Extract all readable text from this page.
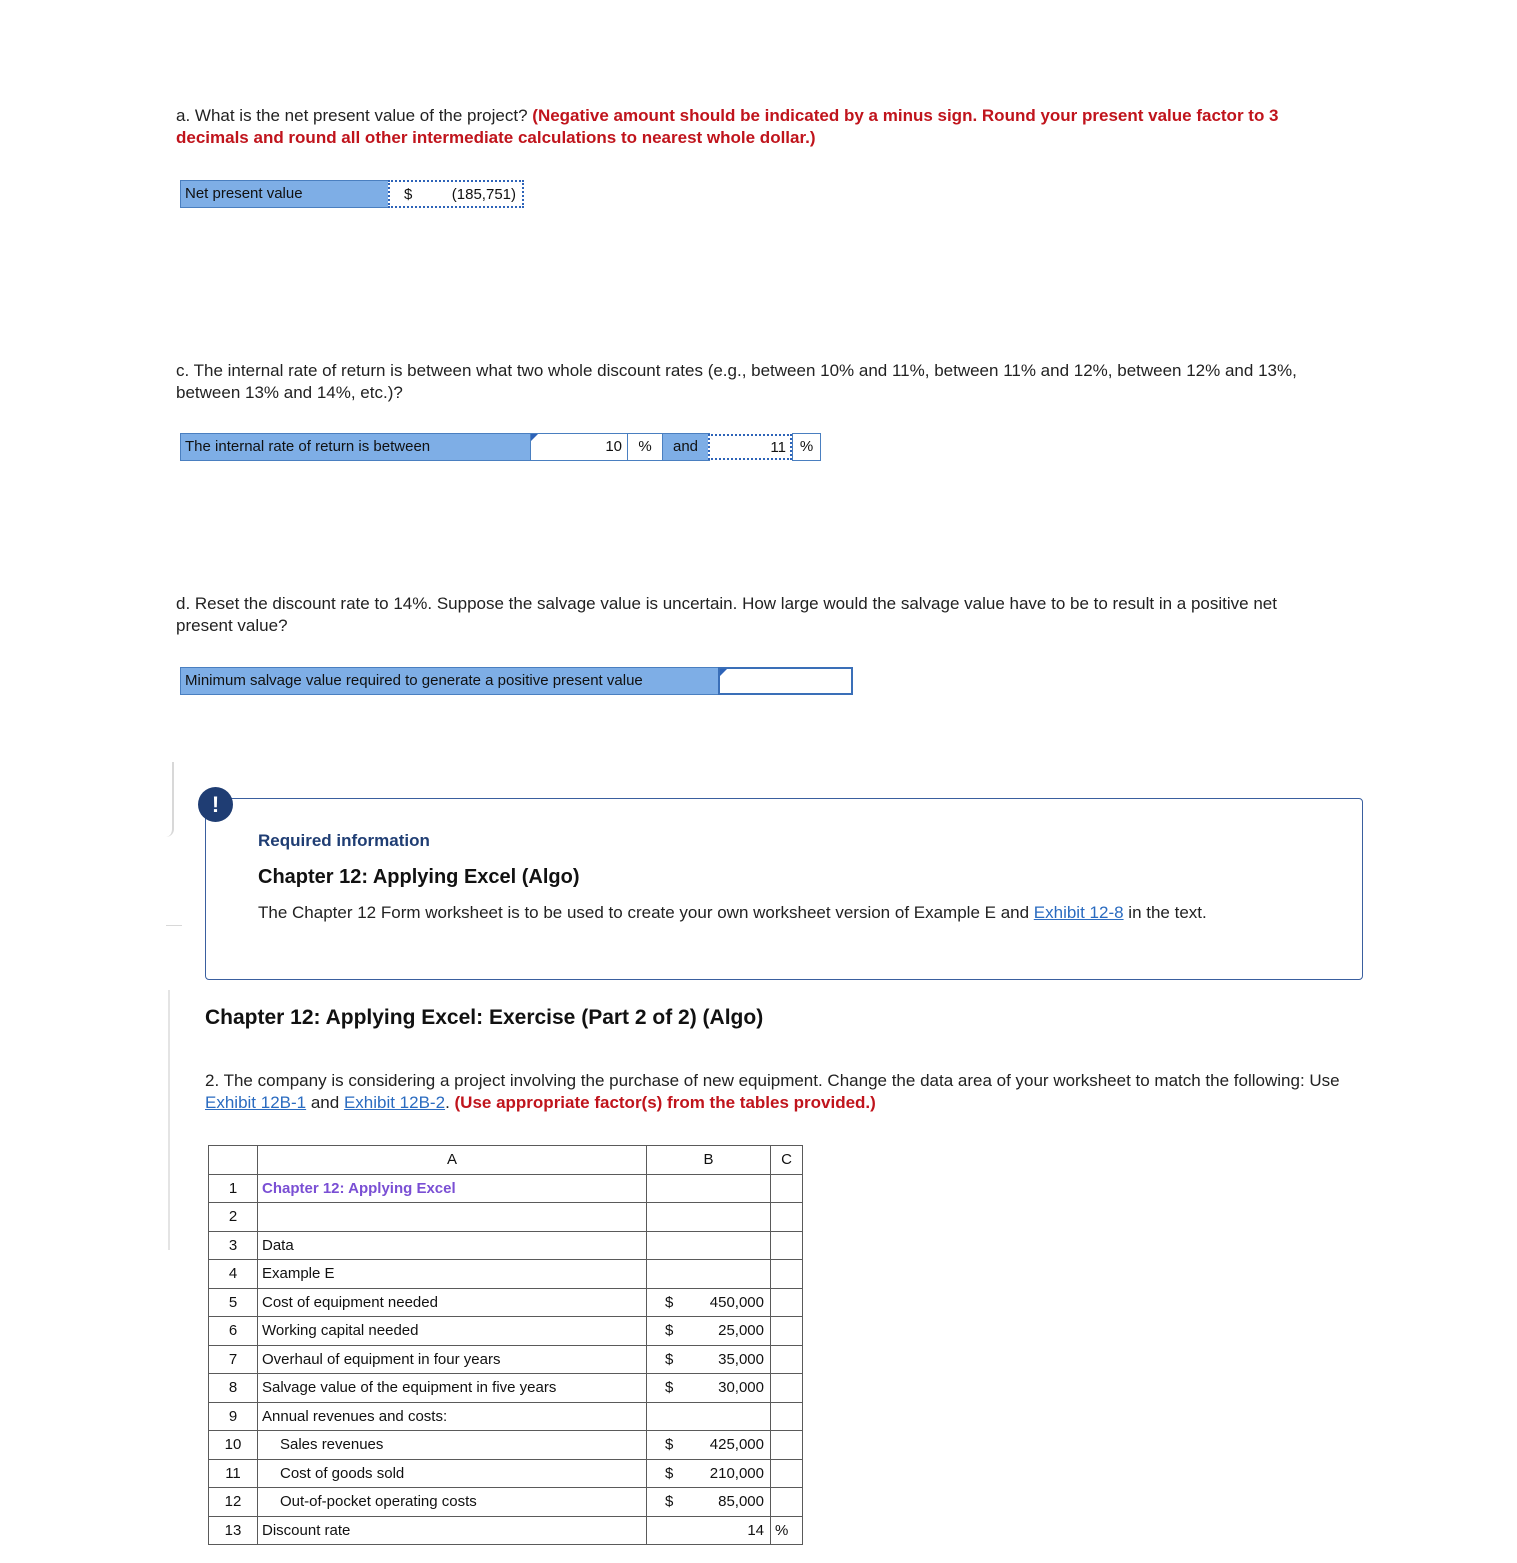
a. What is the net present value of the project? (Negative amount should be indicated by a minus sign. Round your present value factor to 3 decimals and round all other intermediate calculations to nearest whole dollar.)
Net present value	$	(185,751)
c. The internal rate of return is between what two whole discount rates (e.g., between 10% and 11%, between 11% and 12%, between 12% and 13%, between 13% and 14%, etc.)?
The internal rate of return is between	10	%	and	11 %
d. Reset the discount rate to 14%. Suppose the salvage value is uncertain. How large would the salvage value have to be to result in a positive net present value?
Minimum salvage value required to generate a positive present value
!
Required information
Chapter 12: Applying Excel (Algo)
The Chapter 12 Form worksheet is to be used to create your own worksheet version of Example E and Exhibit 12-8 in the text.
Chapter 12: Applying Excel: Exercise (Part 2 of 2) (Algo)
2. The company is considering a project involving the purchase of new equipment. Change the data area of your worksheet to match the following: Use Exhibit 12B-1 and Exhibit 12B-2. (Use appropriate factor(s) from the tables provided.)
	A	B	C
1	Chapter 12: Applying Excel	

2		

3	Data	

4	Example E	

5	Cost of equipment needed	$ 450,000	

6	Working capital needed	$ 25,000	

7	Overhaul of equipment in four years	$ 35,000	

8	Salvage value of the equipment in five years	$ 30,000	

9	Annual revenues and costs:	

10	Sales revenues	$ 425,000	

11	Cost of goods sold	$ 210,000	

12	Out-of-pocket operating costs	$ 85,000	

13	Discount rate	14	%
